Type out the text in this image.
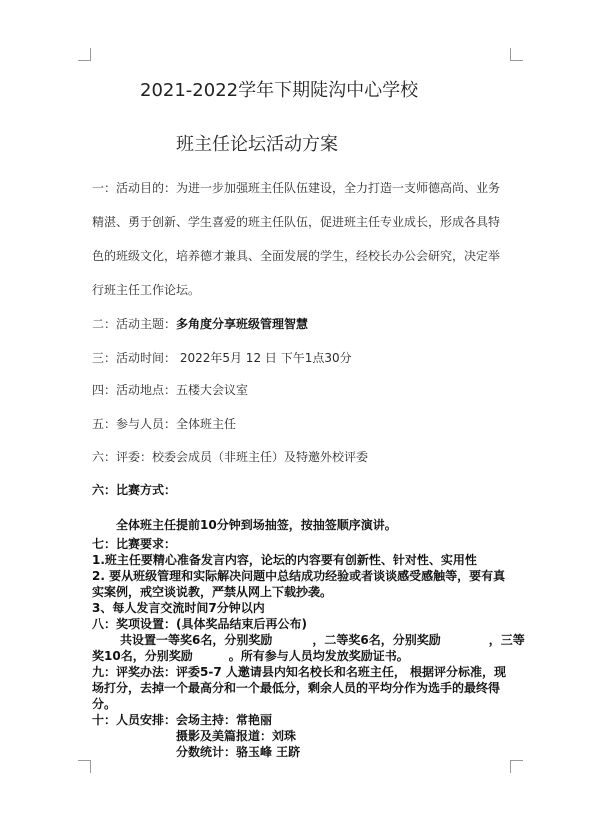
2021-2022学年下期陡沟中心学校
班主任论坛活动方案
一：活动目的：为进一步加强班主任队伍建设，全力打造一支师德高尚、业务
精湛、勇于创新、学生喜爱的班主任队伍，促进班主任专业成长，形成各具特
色的班级文化，培养德才兼具、全面发展的学生，经校长办公会研究，决定举
行班主任工作论坛。
二：活动主题：多角度分享班级管理智慧
三：活动时间： 2022年5月 12 日 下午1点30分
四：活动地点：五楼大会议室
五：参与人员：全体班主任
六：评委：校委会成员（非班主任）及特邀外校评委
六：比赛方式：
全体班主任提前10分钟到场抽签，按抽签顺序演讲。
七：比赛要求：
1.班主任要精心准备发言内容，论坛的内容要有创新性、针对性、实用性
2. 要从班级管理和实际解决问题中总结成功经验或者谈谈感受感触等，要有真
实案例，戒空谈说教，严禁从网上下载抄袭。
3、每人发言交流时间7分钟以内
八：奖项设置：(具体奖品结束后再公布)
共设置一等奖6名，分别奖励	，二等奖6名，分别奖励	，三等
奖10名，分别奖励	。所有参与人员均发放奖励证书。
九：评奖办法：评委5-7 人邀请县内知名校长和名班主任， 根据评分标准，现
场打分，去掉一个最高分和一个最低分，剩余人员的平均分作为选手的最终得
分。
十：人员安排：会场主持：常艳丽
摄影及美篇报道：刘珠
分数统计：骆玉峰 王跻
